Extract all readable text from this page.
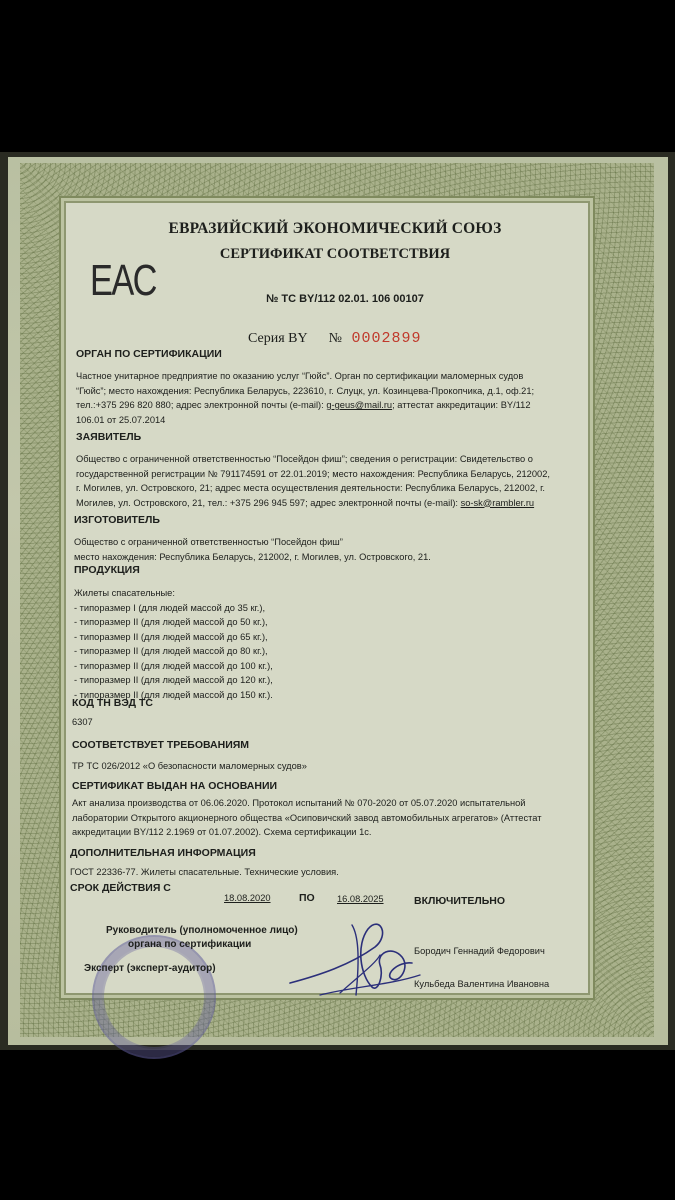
ЕВРАЗИЙСКИЙ ЭКОНОМИЧЕСКИЙ СОЮЗ
СЕРТИФИКАТ СООТВЕТСТВИЯ
EAC	№ ТС BY/112 02.01. 106 00107
Серия BY № 0002899
ОРГАН ПО СЕРТИФИКАЦИИ
Частное унитарное предприятие по оказанию услуг “Гюйс”. Орган по сертификации маломерных судов
“Гюйс”; место нахождения: Республика Беларусь, 223610, г. Слуцк, ул. Козинцева-Прокопчика, д.1, оф.21;
тел.:+375 296 820 880; адрес электронной почты (e-mail): g-geus@mail.ru; аттестат аккредитации: BY/112
106.01 от 25.07.2014
ЗАЯВИТЕЛЬ
Общество с ограниченной ответственностью “Посейдон фиш”; сведения о регистрации: Свидетельство о
государственной регистрации № 791174591 от 22.01.2019; место нахождения: Республика Беларусь, 212002,
г. Могилев, ул. Островского, 21; адрес места осуществления деятельности: Республика Беларусь, 212002, г.
Могилев, ул. Островского, 21, тел.: +375 296 945 597; адрес электронной почты (e-mail): so-sk@rambler.ru
ИЗГОТОВИТЕЛЬ
Общество с ограниченной ответственностью “Посейдон фиш”
место нахождения: Республика Беларусь, 212002, г. Могилев, ул. Островского, 21.
ПРОДУКЦИЯ
Жилеты спасательные:
- типоразмер I (для людей массой до 35 кг.),
- типоразмер II (для людей массой до 50 кг.),
- типоразмер II (для людей массой до 65 кг.),
- типоразмер II (для людей массой до 80 кг.),
- типоразмер II (для людей массой до 100 кг.),
- типоразмер II (для людей массой до 120 кг.),
- типоразмер II (для людей массой до 150 кг.).
КОД ТН ВЭД ТС
6307
СООТВЕТСТВУЕТ ТРЕБОВАНИЯМ
ТР ТС 026/2012 «О безопасности маломерных судов»
СЕРТИФИКАТ ВЫДАН НА ОСНОВАНИИ
Акт анализа производства от 06.06.2020. Протокол испытаний № 070-2020 от 05.07.2020 испытательной
лаборатории Открытого акционерного общества «Осиповичский завод автомобильных агрегатов» (Аттестат
аккредитации BY/112 2.1969 от 01.07.2002). Схема сертификации 1с.
ДОПОЛНИТЕЛЬНАЯ ИНФОРМАЦИЯ
ГОСТ 22336-77. Жилеты спасательные. Технические условия.
СРОК ДЕЙСТВИЯ С
18.08.2020	ПО 16.08.2025	ВКЛЮЧИТЕЛЬНО
Руководитель (уполномоченное лицо)
органа по сертификации
Бородич Геннадий Федорович
Эксперт (эксперт-аудитор)
Кульбеда Валентина Ивановна
